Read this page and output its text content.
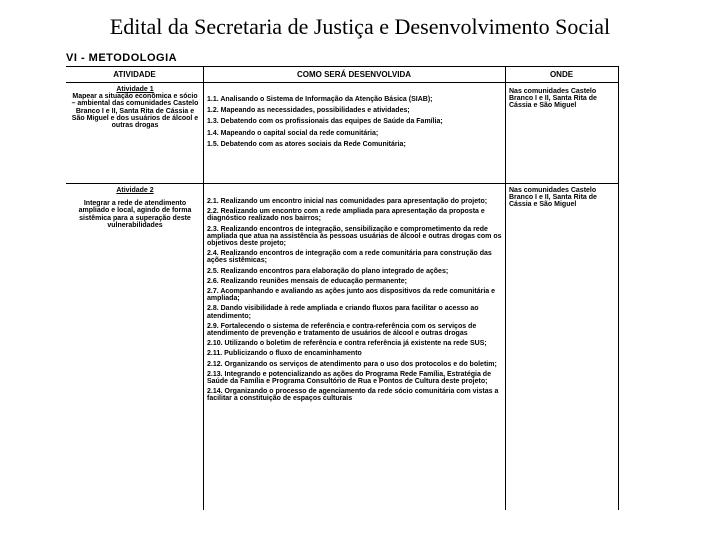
Edital da Secretaria de Justiça e Desenvolvimento Social
VI - METODOLOGIA
ATIVIDADE	COMO SERÁ DESENVOLVIDA	ONDE
Atividade 1
Mapear a situação econômica e sócio – ambiental das comunidades Castelo Branco I e II, Santa Rita de Cássia e São Miguel e dos usuários de álcool e outras drogas

1.1. Analisando o Sistema de Informação da Atenção Básica (SIAB);

1.2. Mapeando as necessidades, possibilidades e atividades;

1.3. Debatendo com os profissionais das equipes de Saúde da Família;

1.4. Mapeando o capital social da rede comunitária;

1.5. Debatendo com as atores sociais da Rede Comunitária;

Nas comunidades Castelo Branco I e II, Santa Rita de Cássia e São Miguel
Atividade 2
Integrar a rede de atendimento ampliado e local, agindo de forma sistêmica para a superação deste vulnerabilidades

2.1. Realizando um encontro inicial nas comunidades para apresentação do projeto;

2.2. Realizando um encontro com a rede ampliada para apresentação da proposta e diagnóstico realizado nos bairros;

2.3. Realizando encontros de integração, sensibilização e comprometimento da rede ampliada que atua na assistência às pessoas usuárias de álcool e outras drogas com os objetivos deste projeto;

2.4. Realizando encontros de integração com a rede comunitária para construção das ações sistêmicas;

2.5. Realizando encontros para elaboração do plano integrado de ações;

2.6. Realizando reuniões mensais de educação permanente;

2.7. Acompanhando e avaliando as ações junto aos dispositivos da rede comunitária e ampliada;

2.8. Dando visibilidade à rede ampliada e criando fluxos para facilitar o acesso ao atendimento;

2.9. Fortalecendo o sistema de referência e contra-referência com os serviços de atendimento de prevenção e tratamento de usuários de álcool e outras drogas

2.10. Utilizando o boletim de referência e contra referência já existente na rede SUS;

2.11. Publicizando o fluxo de encaminhamento

2.12. Organizando os serviços de atendimento para o uso dos protocolos e do boletim;

2.13. Integrando e potencializando as ações do Programa Rede Família, Estratégia de Saúde da Família e Programa Consultório de Rua e Pontos de Cultura deste projeto;

2.14. Organizando o processo de agenciamento da rede sócio comunitária com vistas a facilitar a constituição de espaços culturais

Nas comunidades Castelo Branco I e II, Santa Rita de Cássia e São Miguel
